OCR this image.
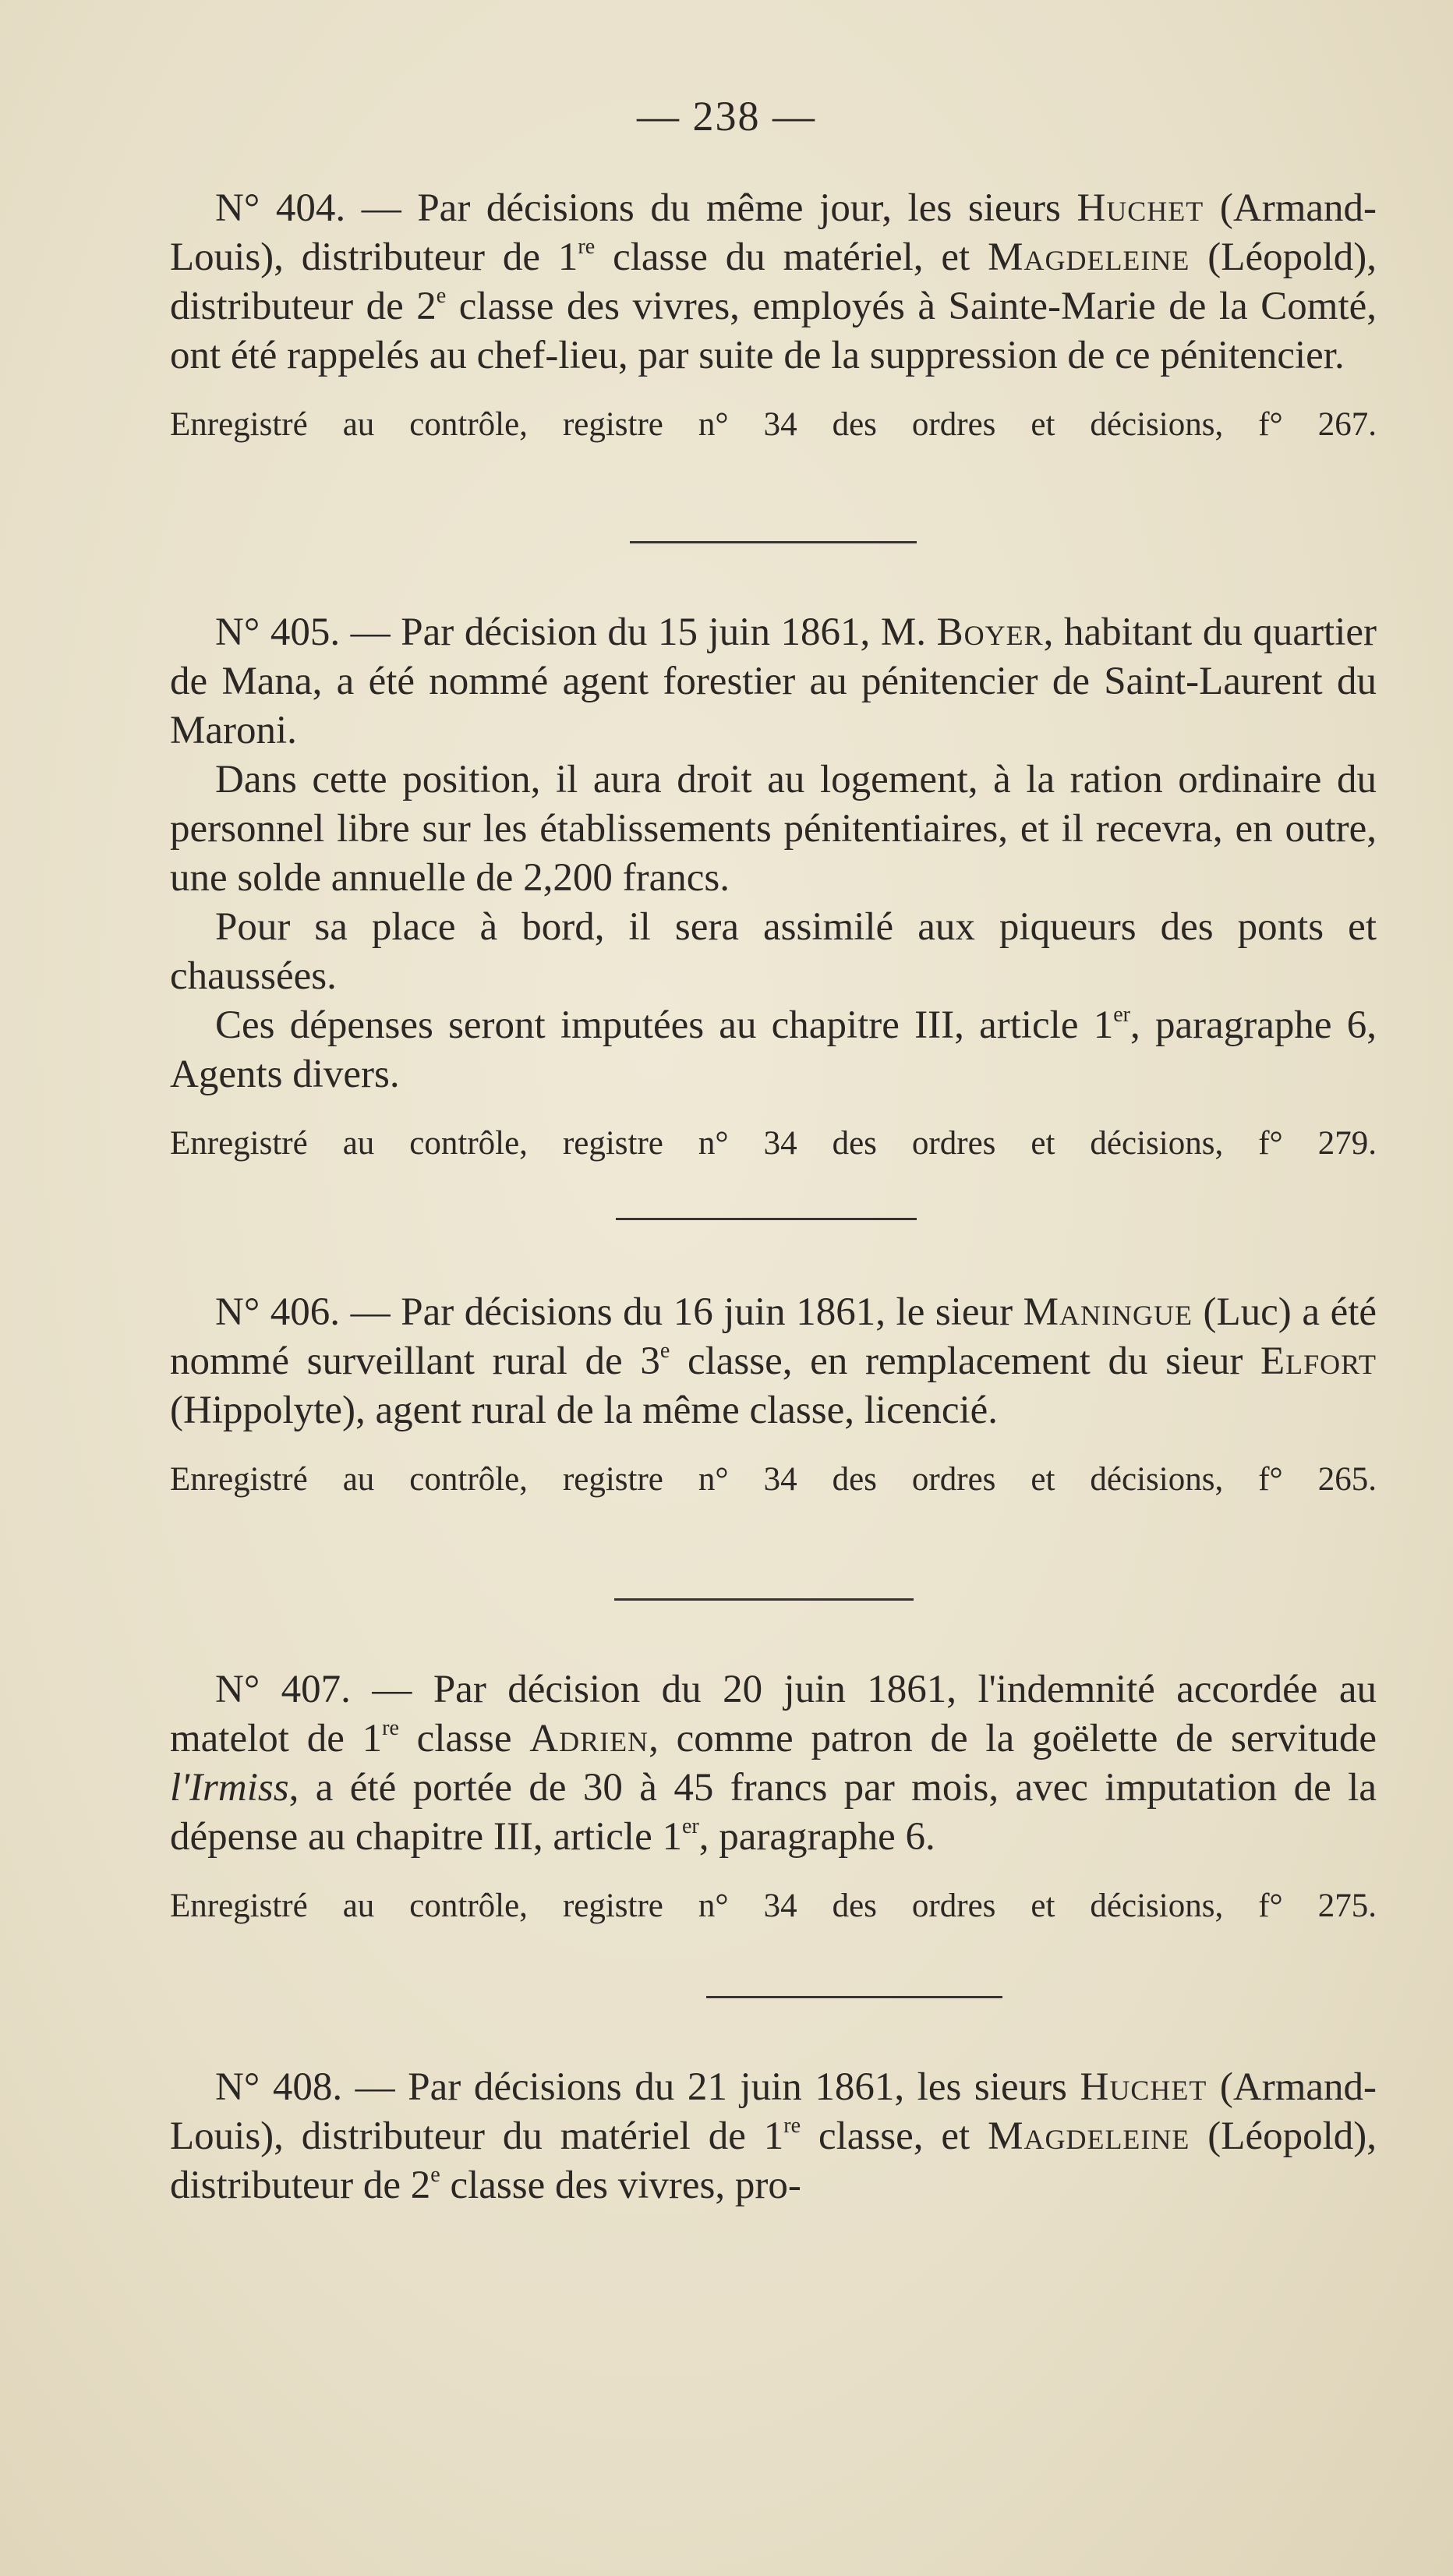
— 238 —

N° 404. — Par décisions du même jour, les sieurs Huchet (Armand-Louis), distributeur de 1re classe du matériel, et Magdeleine (Léopold), distributeur de 2e classe des vivres, employés à Sainte-Marie de la Comté, ont été rappelés au chef-lieu, par suite de la suppression de ce pénitencier.

Enregistré au contrôle, registre n° 34 des ordres et décisions, f° 267.

N° 405. — Par décision du 15 juin 1861, M. Boyer, habitant du quartier de Mana, a été nommé agent forestier au pénitencier de Saint-Laurent du Maroni.

Dans cette position, il aura droit au logement, à la ration ordinaire du personnel libre sur les établissements pénitentiaires, et il recevra, en outre, une solde annuelle de 2,200 francs.

Pour sa place à bord, il sera assimilé aux piqueurs des ponts et chaussées.

Ces dépenses seront imputées au chapitre III, article 1er, paragraphe 6, Agents divers.

Enregistré au contrôle, registre n° 34 des ordres et décisions, f° 279.

N° 406. — Par décisions du 16 juin 1861, le sieur Maningue (Luc) a été nommé surveillant rural de 3e classe, en remplacement du sieur Elfort (Hippolyte), agent rural de la même classe, licencié.

Enregistré au contrôle, registre n° 34 des ordres et décisions, f° 265.

N° 407. — Par décision du 20 juin 1861, l'indemnité accordée au matelot de 1re classe Adrien, comme patron de la goëlette de servitude l'Irmiss, a été portée de 30 à 45 francs par mois, avec imputation de la dépense au chapitre III, article 1er, paragraphe 6.

Enregistré au contrôle, registre n° 34 des ordres et décisions, f° 275.

N° 408. — Par décisions du 21 juin 1861, les sieurs Huchet (Armand-Louis), distributeur du matériel de 1re classe, et Magdeleine (Léopold), distributeur de 2e classe des vivres, pro-
